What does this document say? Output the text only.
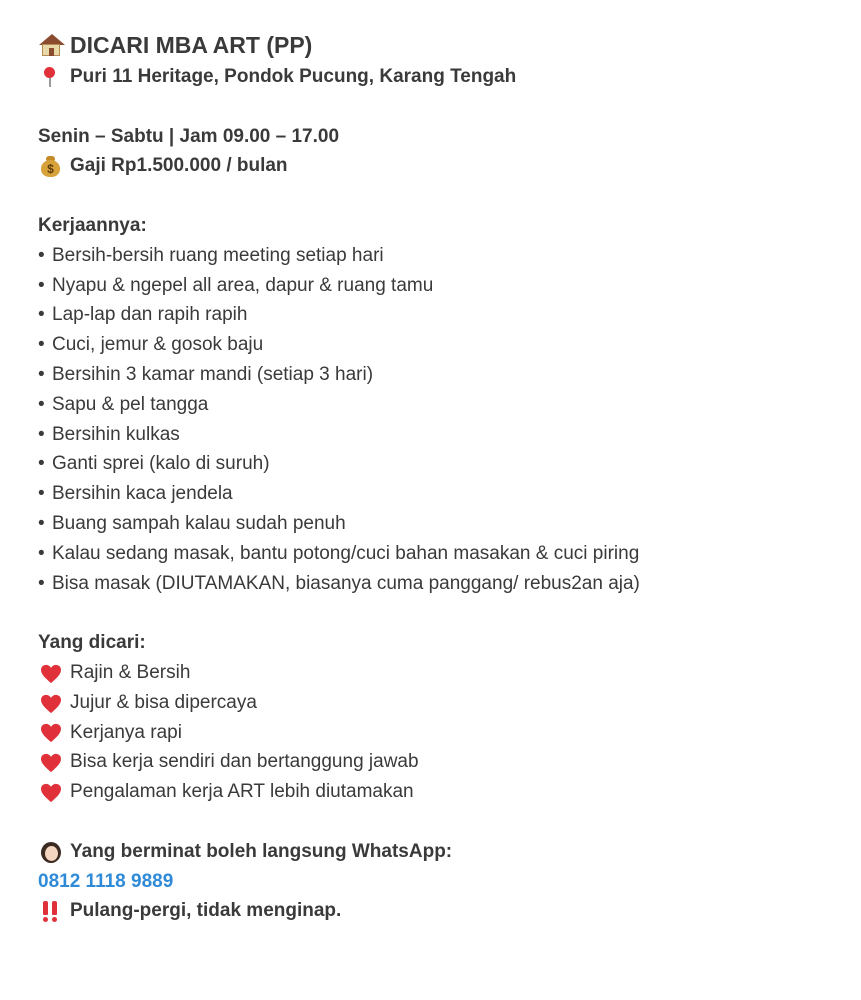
DICARI MBA ART (PP)
Puri 11 Heritage, Pondok Pucung, Karang Tengah
Senin – Sabtu | Jam 09.00 – 17.00
$ Gaji Rp1.500.000 / bulan
Kerjaannya:
• Bersih-bersih ruang meeting setiap hari
• Nyapu & ngepel all area, dapur & ruang tamu
• Lap-lap dan rapih rapih
• Cuci, jemur & gosok baju
• Bersihin 3 kamar mandi (setiap 3 hari)
• Sapu & pel tangga
• Bersihin kulkas
• Ganti sprei (kalo di suruh)
• Bersihin kaca jendela
• Buang sampah kalau sudah penuh
• Kalau sedang masak, bantu potong/cuci bahan masakan & cuci piring
• Bisa masak (DIUTAMAKAN, biasanya cuma panggang/ rebus2an aja)
Yang dicari:
Rajin & Bersih
Jujur & bisa dipercaya
Kerjanya rapi
Bisa kerja sendiri dan bertanggung jawab
Pengalaman kerja ART lebih diutamakan
Yang berminat boleh langsung WhatsApp:
0812 1118 9889
Pulang-pergi, tidak menginap.
